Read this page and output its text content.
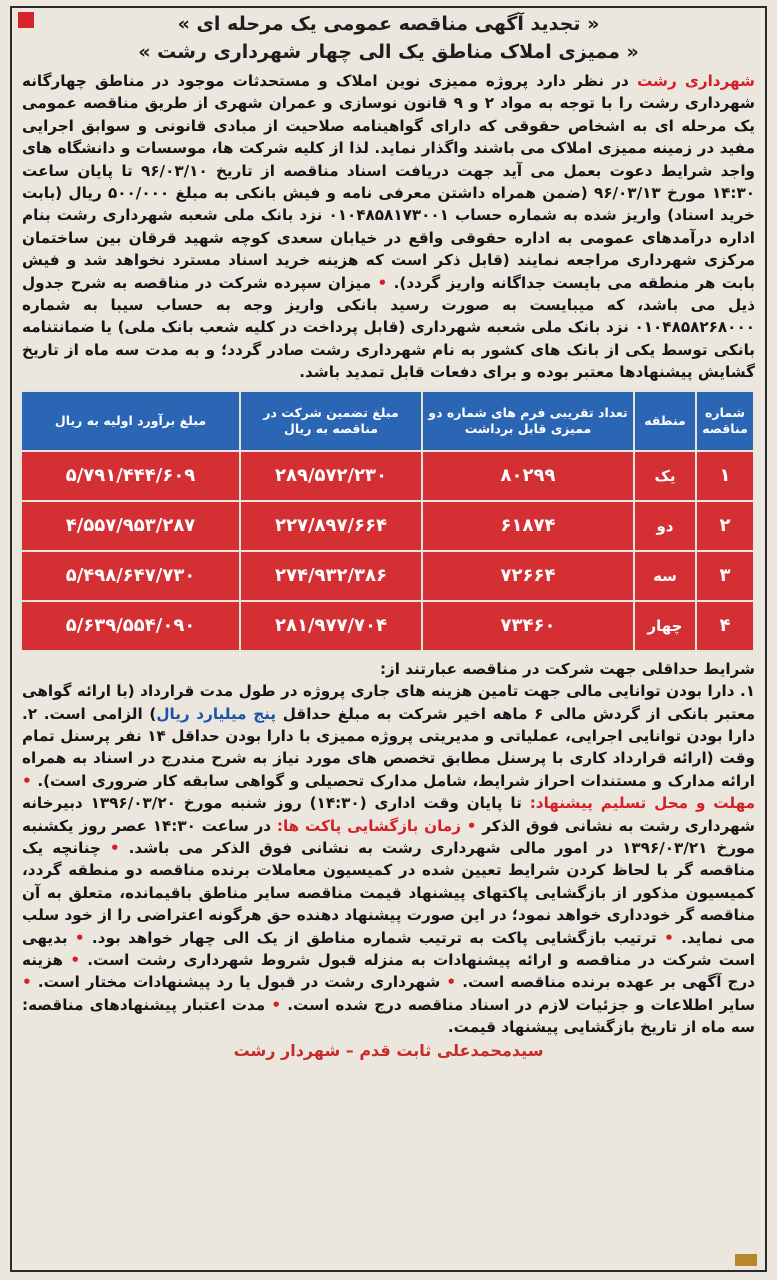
« تجدید آگهی مناقصه عمومی یک مرحله ای »
« ممیزی املاک مناطق یک الی چهار شهرداری رشت »
شهرداری رشت در نظر دارد پروژه ممیزی نوین املاک و مستحدثات موجود در مناطق چهارگانه شهرداری رشت را با توجه به مواد ۲ و ۹ قانون نوسازی و عمران شهری از طریق مناقصه عمومی یک مرحله ای به اشخاص حقوقی که دارای گواهینامه صلاحیت از مبادی قانونی و سوابق اجرایی مفید در زمینه ممیزی املاک می باشند واگذار نماید. لذا از کلیه شرکت ها، موسسات و دانشگاه های واجد شرایط دعوت بعمل می آید جهت دریافت اسناد مناقصه از تاریخ ۹۶/۰۳/۱۰ تا پایان ساعت ۱۴:۳۰ مورخ ۹۶/۰۳/۱۳ (ضمن همراه داشتن معرفی نامه و فیش بانکی به مبلغ ۵۰۰/۰۰۰ ریال (بابت خرید اسناد) واریز شده به شماره حساب ۰۱۰۴۸۵۸۱۷۳۰۰۱ نزد بانک ملی شعبه شهرداری رشت بنام اداره درآمدهای عمومی به اداره حقوقی واقع در خیابان سعدی کوچه شهید قرقان بین ساختمان مرکزی شهرداری مراجعه نمایند (قابل ذکر است که هزینه خرید اسناد مسترد نخواهد شد و فیش بابت هر منطقه می بایست جداگانه واریز گردد). • میزان سپرده شرکت در مناقصه به شرح جدول ذیل می باشد، که میبایست به صورت رسید بانکی واریز وجه به حساب سیبا به شماره ۰۱۰۴۸۵۸۲۶۸۰۰۰ نزد بانک ملی شعبه شهرداری (قابل پرداخت در کلیه شعب بانک ملی) یا ضمانتنامه بانکی توسط یکی از بانک های کشور به نام شهرداری رشت صادر گردد؛ و به مدت سه ماه از تاریخ گشایش پیشنهادها معتبر بوده و برای دفعات قابل تمدید باشد.
شماره مناقصه	منطقه	تعداد تقریبی فرم های شماره دو ممیزی قابل برداشت	مبلغ تضمین شرکت در مناقصه به ریال	مبلغ برآورد اولیه به ریال
۱	یک	۸۰۲۹۹	۲۸۹/۵۷۲/۲۳۰	۵/۷۹۱/۴۴۴/۶۰۹
۲	دو	۶۱۸۷۴	۲۲۷/۸۹۷/۶۶۴	۴/۵۵۷/۹۵۳/۲۸۷
۳	سه	۷۲۶۶۴	۲۷۴/۹۳۲/۳۸۶	۵/۴۹۸/۶۴۷/۷۳۰
۴	چهار	۷۳۴۶۰	۲۸۱/۹۷۷/۷۰۴	۵/۶۳۹/۵۵۴/۰۹۰
شرایط حداقلی جهت شرکت در مناقصه عبارتند از:
۱. دارا بودن توانایی مالی جهت تامین هزینه های جاری پروژه در طول مدت قرارداد (با ارائه گواهی معتبر بانکی از گردش مالی ۶ ماهه اخیر شرکت به مبلغ حداقل پنج میلیارد ریال) الزامی است. ۲. دارا بودن توانایی اجرایی، عملیاتی و مدیریتی پروژه ممیزی با دارا بودن حداقل ۱۴ نفر پرسنل تمام وقت (ارائه قرارداد کاری با پرسنل مطابق تخصص های مورد نیاز به شرح مندرج در اسناد به همراه ارائه مدارک و مستندات احراز شرایط، شامل مدارک تحصیلی و گواهی سابقه کار ضروری است). • مهلت و محل تسلیم پیشنهاد: تا پایان وقت اداری (۱۴:۳۰) روز شنبه مورخ ۱۳۹۶/۰۳/۲۰ دبیرخانه شهرداری رشت به نشانی فوق الذکر • زمان بازگشایی پاکت ها: در ساعت ۱۴:۳۰ عصر روز یکشنبه مورخ ۱۳۹۶/۰۳/۲۱ در امور مالی شهرداری رشت به نشانی فوق الذکر می باشد. • چنانچه یک مناقصه گر با لحاظ کردن شرایط تعیین شده در کمیسیون معاملات برنده مناقصه دو منطقه گردد، کمیسیون مذکور از بازگشایی پاکتهای پیشنهاد قیمت مناقصه سایر مناطق باقیمانده، متعلق به آن مناقصه گر خودداری خواهد نمود؛ در این صورت پیشنهاد دهنده حق هرگونه اعتراضی را از خود سلب می نماید. • ترتیب بازگشایی پاکت به ترتیب شماره مناطق از یک الی چهار خواهد بود. • بدیهی است شرکت در مناقصه و ارائه پیشنهادات به منزله قبول شروط شهرداری رشت است. • هزینه درج آگهی بر عهده برنده مناقصه است. • شهرداری رشت در قبول یا رد پیشنهادات مختار است. • سایر اطلاعات و جزئیات لازم در اسناد مناقصه درج شده است. • مدت اعتبار پیشنهادهای مناقصه: سه ماه از تاریخ بازگشایی پیشنهاد قیمت.
سیدمحمدعلی ثابت قدم – شهردار رشت
